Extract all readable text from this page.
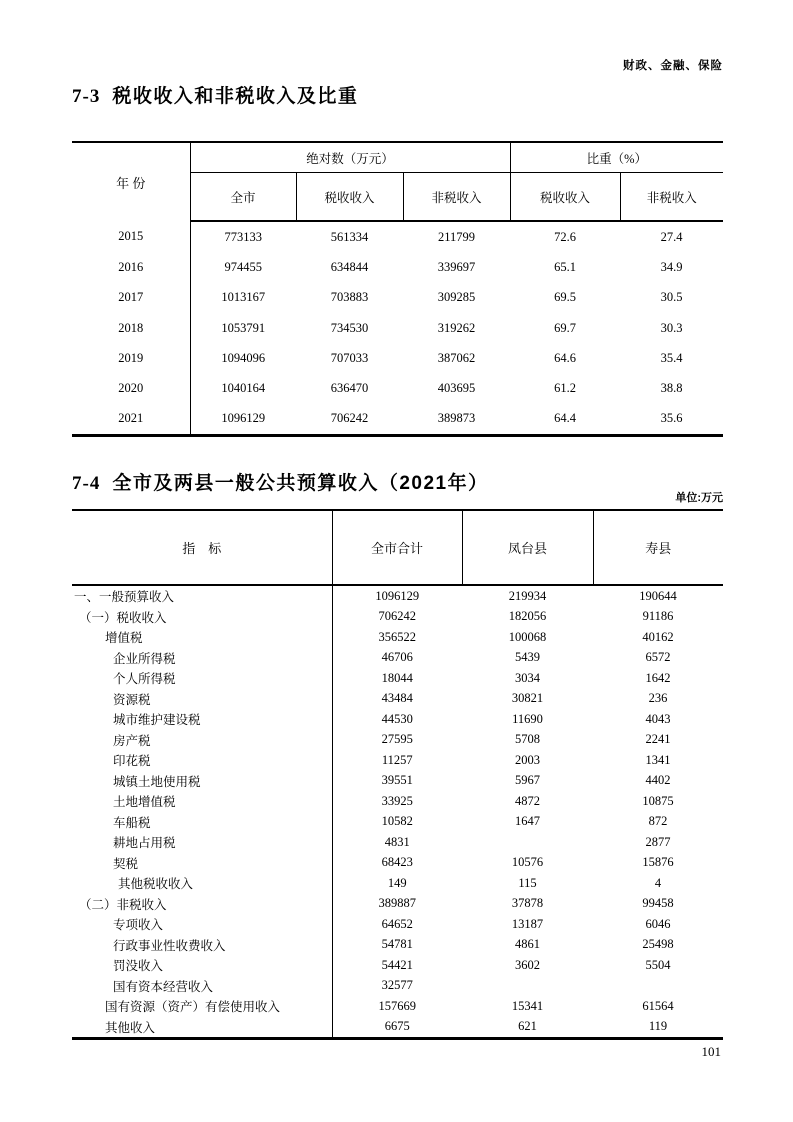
财政、金融、保险
7-3 税收收入和非税收入及比重
年 份	绝对数（万元）			比重（%）	
	全市	税收收入	非税收入	税收收入	非税收入
2015	773133	561334	211799	72.6	27.4
2016	974455	634844	339697	65.1	34.9
2017	1013167	703883	309285	69.5	30.5
2018	1053791	734530	319262	69.7	30.3
2019	1094096	707033	387062	64.6	35.4
2020	1040164	636470	403695	61.2	38.8
2021	1096129	706242	389873	64.4	35.6
7-4 全市及两县一般公共预算收入（2021年）
单位:万元
指　标	全市合计	凤台县	寿县
一、一般预算收入	1096129	219934	190644
（一）税收收入	706242	182056	91186
增值税	356522	100068	40162
企业所得税	46706	5439	6572
个人所得税	18044	3034	1642
资源税	43484	30821	236
城市维护建设税	44530	11690	4043
房产税	27595	5708	2241
印花税	11257	2003	1341
城镇土地使用税	39551	5967	4402
土地增值税	33925	4872	10875
车船税	10582	1647	872
耕地占用税	4831		2877
契税	68423	10576	15876
其他税收收入	149	115	4
（二）非税收入	389887	37878	99458
专项收入	64652	13187	6046
行政事业性收费收入	54781	4861	25498
罚没收入	54421	3602	5504
国有资本经营收入	32577		
国有资源（资产）有偿使用收入	157669	15341	61564
其他收入	6675	621	119
101
